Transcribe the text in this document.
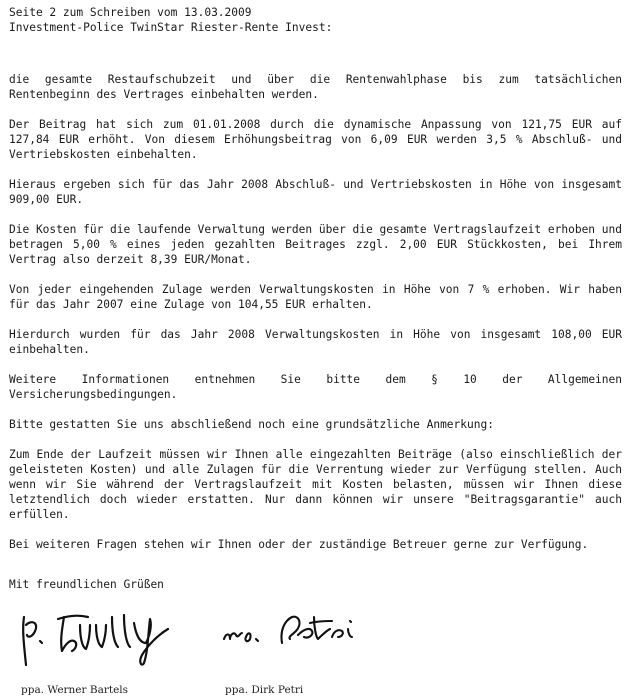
Seite 2 zum Schreiben vom 13.03.2009

Investment-Police TwinStar Riester-Rente Invest:

die gesamte Restaufschubzeit und über die Rentenwahlphase bis zum tatsächlichen Rentenbeginn des Vertrages einbehalten werden.

Der Beitrag hat sich zum 01.01.2008 durch die dynamische Anpassung von 121,75 EUR auf 127,84 EUR erhöht. Von diesem Erhöhungsbeitrag von 6,09 EUR werden 3,5 % Abschluß- und Vertriebskosten einbehalten.

Hieraus ergeben sich für das Jahr 2008 Abschluß- und Vertriebskosten in Höhe von insgesamt 909,00 EUR.

Die Kosten für die laufende Verwaltung werden über die gesamte Vertragslaufzeit erhoben und betragen 5,00 % eines jeden gezahlten Beitrages zzgl. 2,00 EUR Stückkosten, bei Ihrem Vertrag also derzeit 8,39 EUR/Monat.

Von jeder eingehenden Zulage werden Verwaltungskosten in Höhe von 7 % erhoben. Wir haben für das Jahr 2007 eine Zulage von 104,55 EUR erhalten.

Hierdurch wurden für das Jahr 2008 Verwaltungskosten in Höhe von insgesamt 108,00 EUR einbehalten.

Weitere Informationen entnehmen Sie bitte dem § 10 der Allgemeinen Versicherungsbedingungen.

Bitte gestatten Sie uns abschließend noch eine grundsätzliche Anmerkung:

Zum Ende der Laufzeit müssen wir Ihnen alle eingezahlten Beiträge (also einschließlich der geleisteten Kosten) und alle Zulagen für die Verrentung wieder zur Verfügung stellen. Auch wenn wir Sie während der Vertragslaufzeit mit Kosten belasten, müssen wir Ihnen diese letztendlich doch wieder erstatten. Nur dann können wir unsere "Beitragsgarantie" auch erfüllen.

Bei weiteren Fragen stehen wir Ihnen oder der zuständige Betreuer gerne zur Verfügung.

Mit freundlichen Grüßen

ppa. Werner Bartels	ppa. Dirk Petri
